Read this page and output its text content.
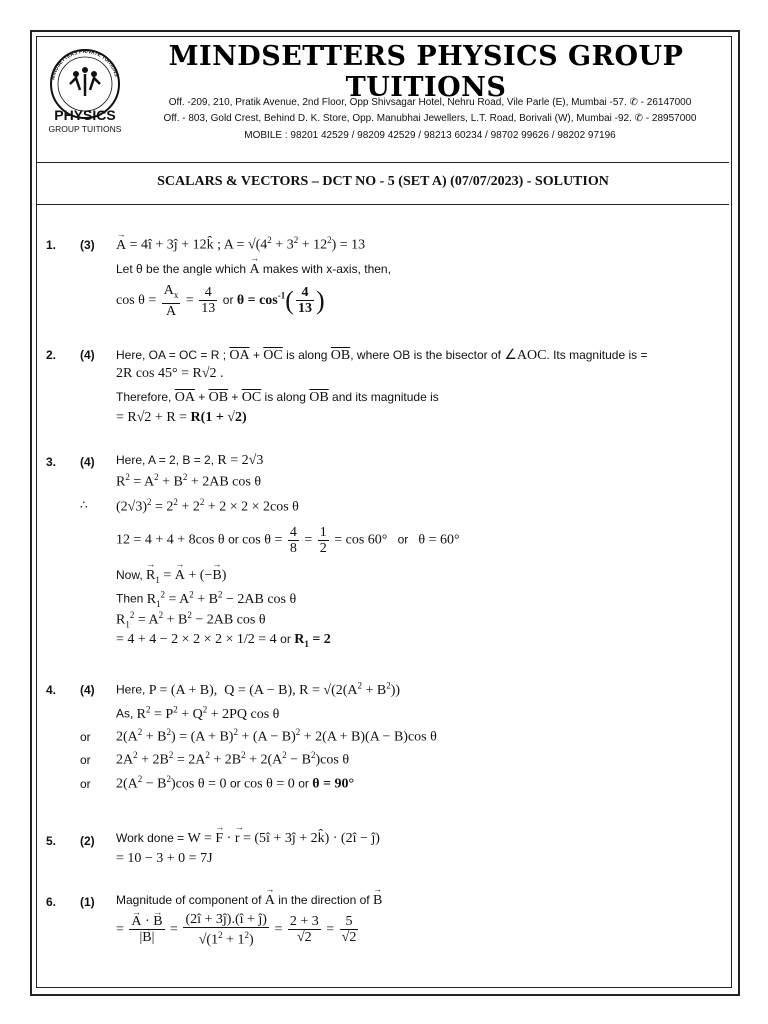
MINDSETTERS PRIVATE TUITIONS
PHYSICS
GROUP TUITIONS
MINDSETTERS PHYSICS GROUP TUITIONS
Off. -209, 210, Pratik Avenue, 2nd Floor, Opp Shivsagar Hotel, Nehru Road, Vile Parle (E), Mumbai -57. ✆ - 26147000
Off. - 803, Gold Crest, Behind D. K. Store, Opp. Manubhai Jewellers, L.T. Road, Borivali (W), Mumbai -92. ✆ - 28957000
MOBILE : 98201 42529 / 98209 42529 / 98213 60234 / 98702 99626 / 98202 97196
SCALARS & VECTORS – DCT NO - 5 (SET A) (07/07/2023) - SOLUTION
1. (3) → A = 4î + 3ĵ + 12k̂ ; $A = √(4^2 + 3^2 + 12^2) = 13$
Let θ be the angle which → A makes with x-axis, then,
$\cos \theta = \frac{A_x}{A} = \frac{4}{13}$ or $\theta = \cos^{-1}( \frac{4}{13}$ )
2. (4) Here, OA = OC = R ; $\overline{OA} + \overline{OC}$ is along $\overline{OB}$, where OB is the bisector of ∠AOC. Its magnitude is =
2R cos 45° = R√2 .
Therefore, $\overline{OA} + \overline{OB} + \overline{OC}$ is along $\overline{OB}$ and its magnitude is
= R√2 + R = R(1 + √2)
3. (4) Here, A = 2, B = 2, R = 2√3
$R^2 = A^2 + B^2 + 2AB$ cos θ
∴ $(2√3)^2 = 2^2 + 2^2 + 2 \times 2 \times 2\cos$ θ
12 = 4 + 4 + 8cos θ or $\cos \theta = \frac{4}{8} = \frac{1}{2} = \cos 60^\circ$   or   θ = 60°
Now, → $R_1$ = → A + (−→ B)
Then $R_1^2 = A^2 + B^2 - 2AB$ cos θ
$R_1^2 = A^2 + B^2 - 2AB$ cos θ
= 4 + 4 − 2 × 2 × 2 × 1/2 = 4 or $R_1 = 2$
4. (4) Here, P = (A + B),  Q = (A − B), $R = √(2(A^2 + B^2))$
As, $R^2 = P^2 + Q^2 + 2PQ$ cos θ
or $2(A^2 + B^2) = (A + B)^2 + (A - B)^2 + 2(A + B)(A - B)\cos$ θ
or $2A^2 + 2B^2 = 2A^2 + 2B^2 + 2(A^2 - B^2)\cos$ θ
or $2(A^2 - B^2)\cos$ θ = 0 or cos θ = 0 or θ = 90°
5. (2) Work done = W = → F · → r = (5î + 3ĵ + 2k̂) · (2î − ĵ)
= 10 − 3 + 0 = 7J
6. (1) Magnitude of component of → A in the direction of → B
= → $\frac{A \cdot \to B}{|\to B|} = \frac{(2î + 3ĵ).(î + ĵ)}{√(1^2 + 1^2)} = \frac{2 + 3}{√2} = \frac{5}{√2}$
